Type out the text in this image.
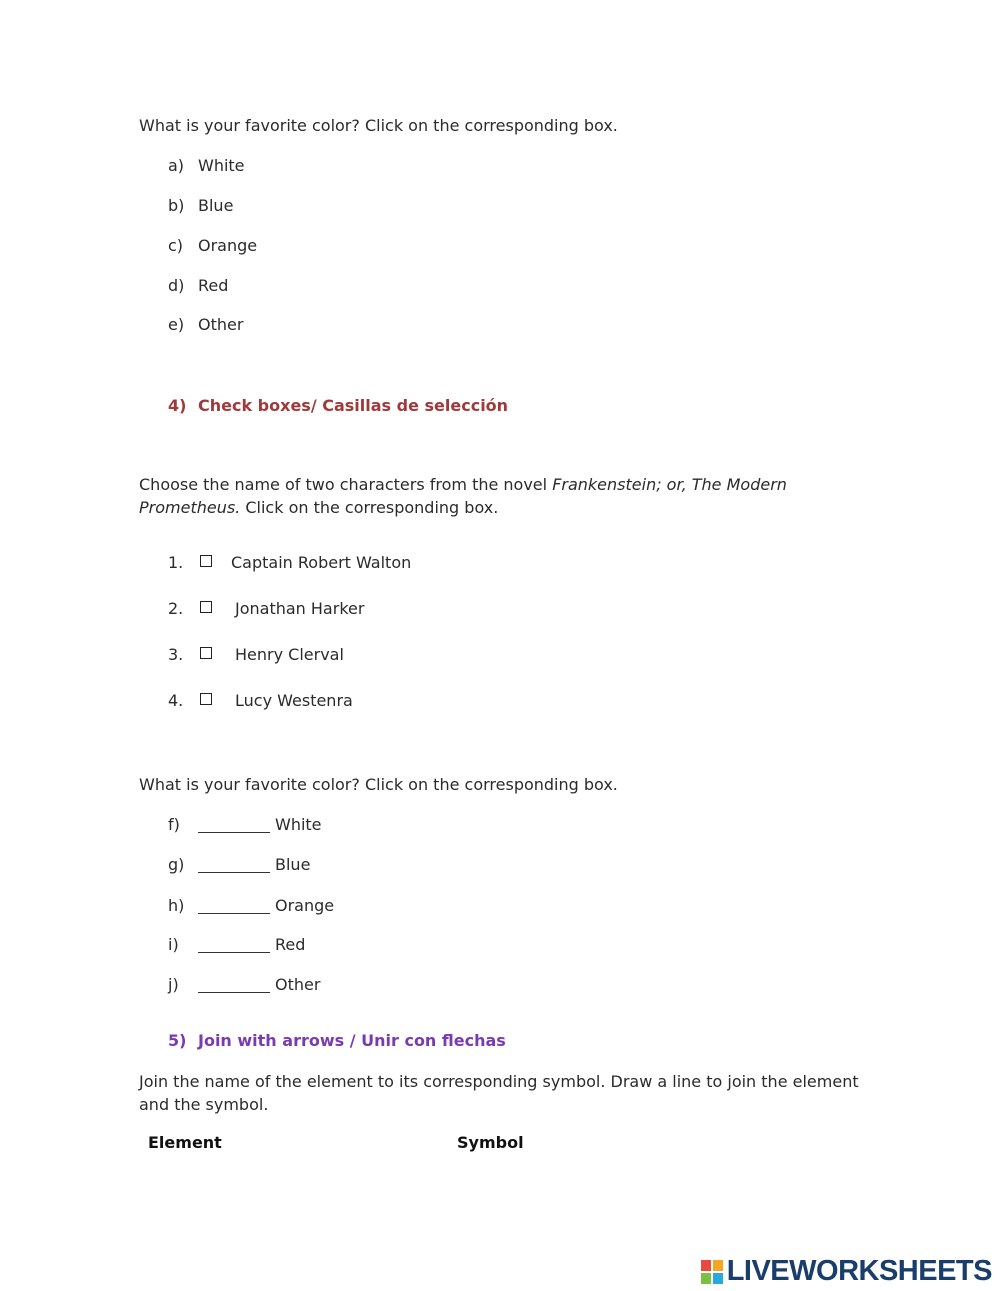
What is your favorite color? Click on the corresponding box.
a) White
b) Blue
c) Orange
d) Red
e) Other
4) Check boxes/ Casillas de selección
Choose the name of two characters from the novel Frankenstein; or, The Modern Prometheus. Click on the corresponding box.
1.	Captain Robert Walton
2.	Jonathan Harker
3.	Henry Clerval
4.	Lucy Westenra
What is your favorite color? Click on the corresponding box.
f)	White
g)	Blue
h)	Orange
i)	Red
j)	Other
5) Join with arrows / Unir con flechas
Join the name of the element to its corresponding symbol. Draw a line to join the element and the symbol.
Element	Symbol
LIVEWORKSHEETS
